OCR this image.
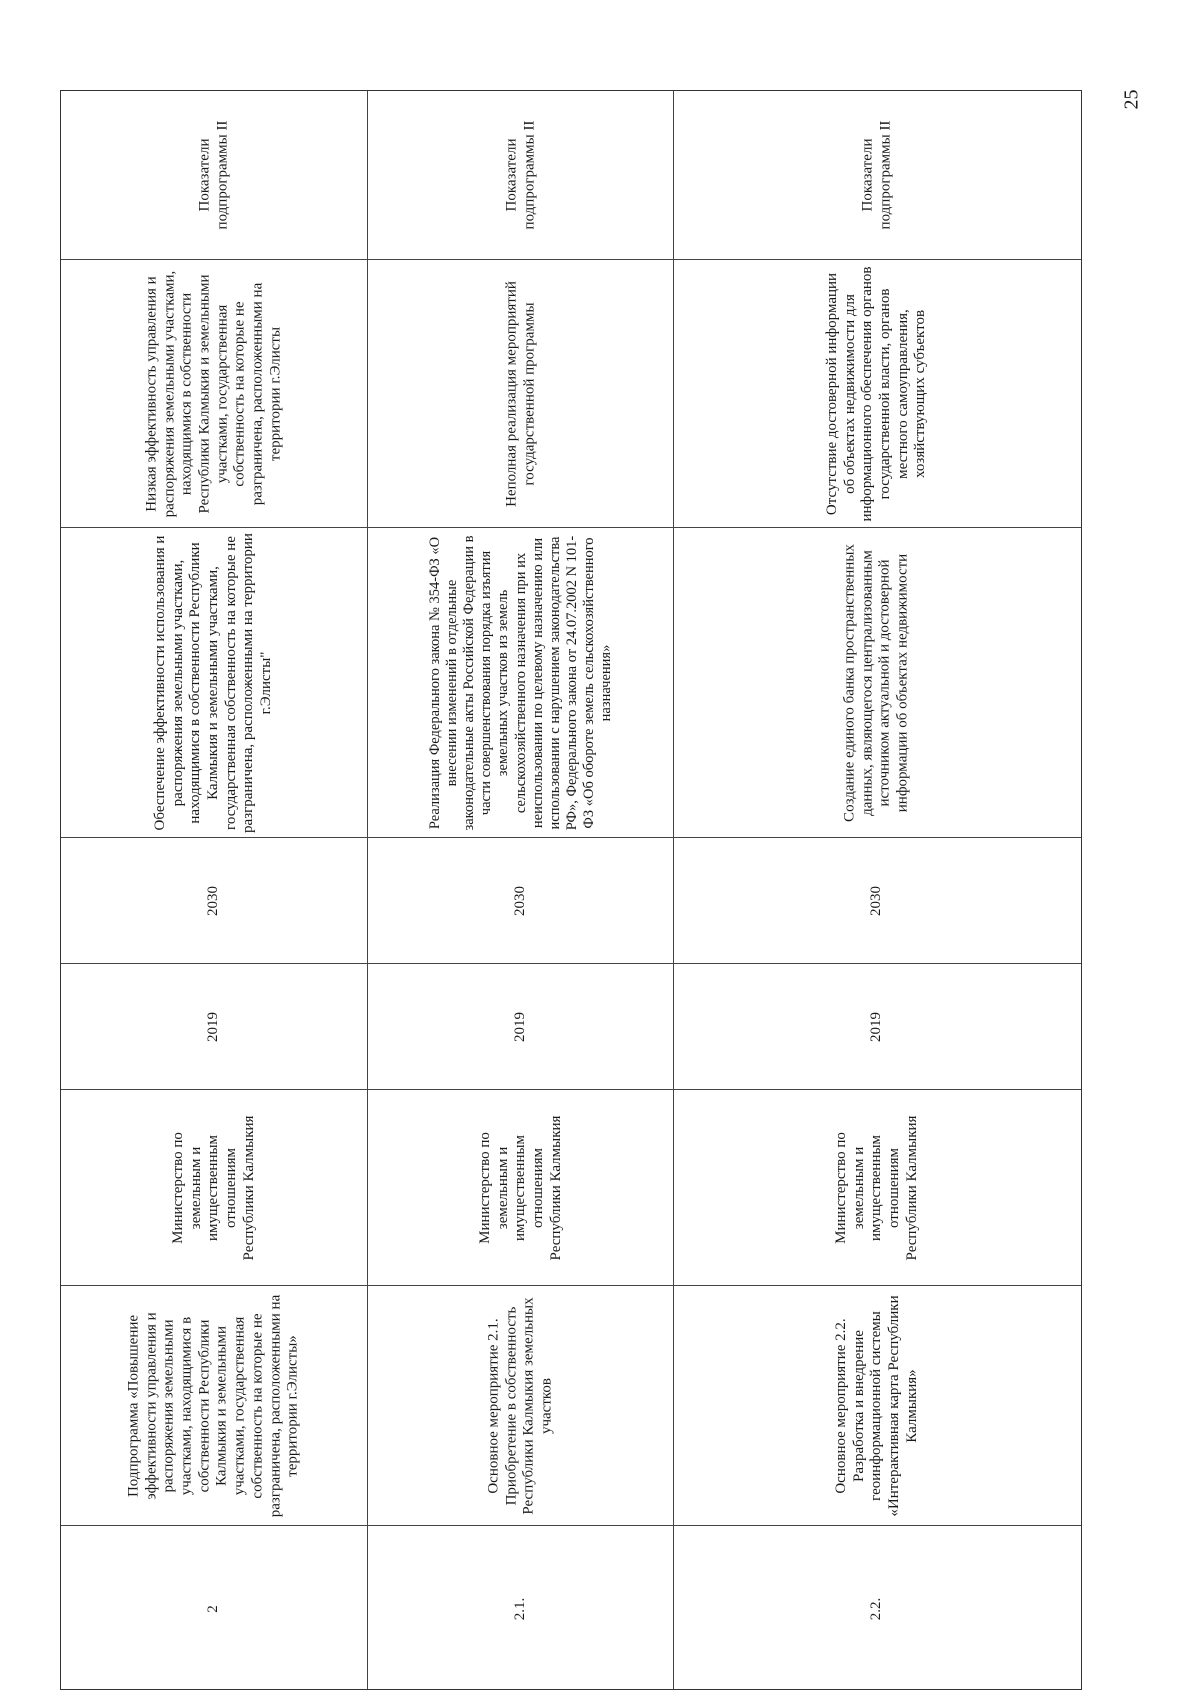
25
Показатели подпрограммы II
Низкая эффективность управления и распоряжения земельными участками, находящимися в собственности Республики Калмыкия и земельными участками, государственная собственность на которые не разграничена, расположенными на территории г.Элисты
Обеспечение эффективности использования и распоряжения земельными участками, находящимися в собственности Республики Калмыкия и земельными участками, государственная собственность на которые не разграничена, расположенными на территории г.Элисты"
2030
2019
Министерство по земельным и имущественным отношениям Республики Калмыкия
Подпрограмма «Повышение эффективности управления и распоряжения земельными участками, находящимися в собственности Республики Калмыкия и земельными участками, государственная собственность на которые не разграничена, расположенными на территории г.Элисты»
2
Показатели подпрограммы II
Неполная реализация мероприятий государственной программы
Реализация Федерального закона № 354-ФЗ «О внесении изменений в отдельные законодательные акты Российской Федерации в части совершенствования порядка изъятия земельных участков из земель сельскохозяйственного назначения при их неиспользовании по целевому назначению или использовании с нарушением законодательства РФ», Федерального закона от 24.07.2002 N 101-ФЗ «Об обороте земель сельскохозяйственного назначения»
2030
2019
Министерство по земельным и имущественным отношениям Республики Калмыкия
Основное мероприятие 2.1. Приобретение в собственность Республики Калмыкия земельных участков
2.1.
Показатели подпрограммы II
Отсутствие достоверной информации об объектах недвижимости для информационного обеспечения органов государственной власти, органов местного самоуправления, хозяйствующих субъектов
Создание единого банка пространственных данных, являющегося централизованным источником актуальной и достоверной информации об объектах недвижимости
2030
2019
Министерство по земельным и имущественным отношениям Республики Калмыкия
Основное мероприятие 2.2. Разработка и внедрение геоинформационной системы «Интерактивная карта Республики Калмыкия»
2.2.
